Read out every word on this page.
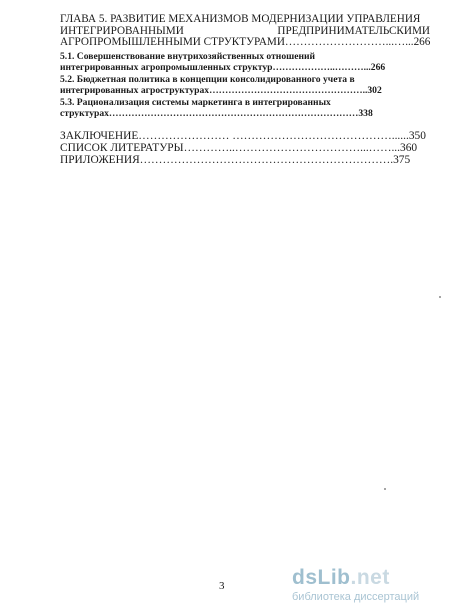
ГЛАВА 5. РАЗВИТИЕ МЕХАНИЗМОВ МОДЕРНИЗАЦИИ УПРАВЛЕНИЯ
ИНТЕГРИРОВАННЫМИ	ПРЕДПРИНИМАТЕЛЬСКИМИ
АГРОПРОМЫШЛЕННЫМИ СТРУКТУРАМИ………………………...…...266
5.1. Совершенствование внутрихозяйственных отношений
интегрированных агропромышленных структур………………..………...266
5.2. Бюджетная политика в концепции консолидированного учета в
интегрированных агроструктурах…………………………………………..302
5.3. Рационализация системы маркетинга в интегрированных
структурах……………………………………………………………………338
ЗАКЛЮЧЕНИЕ…………………… ……………………………………......350
СПИСОК ЛИТЕРАТУРЫ…………..……………………………...……...360
ПРИЛОЖЕНИЯ………………………………………………………….375
3	dsLib.net
библиотека диссертаций
